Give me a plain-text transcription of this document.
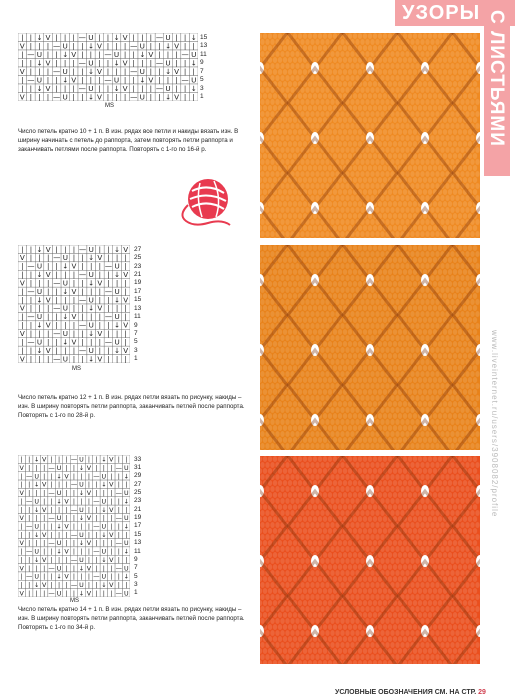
УЗОРЫ С ЛИСТЬЯМИ
| | ↓ V | | | — U | | ↓ V | | | — U | | ↓
V | | | — U | | ↓ V | | | — U | | ↓ V | |
| — U | | ↓ V | | | — U | | ↓ V | | | — U
| | ↓ V | | | — U | | ↓ V | | | — U | | ↓
V | | | — U | | ↓ V | | | — U | | ↓ V | |
| — U | | ↓ V | | | — U | | ↓ V | | | — U
| | ↓ V | | | — U | | ↓ V | | | — U | | ↓
V | | | — U | | ↓ V | | | — U | | ↓ V | |
15
13
11
9
7
5
3
1
MS
Число петель кратно 10 + 1 п. В изн. рядах все петли и накиды вязать изн. В ширину начинать с петель до раппорта, затем повторять петли раппорта и заканчивать петлями после раппорта. Повторять с 1-го по 16-й р.
| | ↓ V | | | — U | | ↓ V
V | | | — U | | ↓ V | | |
| — U | | ↓ V | | | — U |
| | ↓ V | | | — U | | ↓ V
V | | | — U | | ↓ V | | |
| — U | | ↓ V | | | — U |
| | ↓ V | | | — U | | ↓ V
V | | | — U | | ↓ V | | |
| — U | | ↓ V | | | — U |
| | ↓ V | | | — U | | ↓ V
V | | | — U | | ↓ V | | |
| — U | | ↓ V | | | — U |
| | ↓ V | | | — U | | ↓ V
V | | | — U | | ↓ V | | |
27
25
23
21
19
17
15
13
11
9
7
5
3
1
MS
Число петель кратно 12 + 1 п. В изн. рядах петли вязать по рисунку, накиды – изн. В ширину повторять петли раппорта, заканчивать петлей после раппорта. Повторять с 1-го по 28-й р.
| | ↓ V | | | — U | | ↓ V | |
V | | | — U | | ↓ V | | | — U
| — U | | ↓ V | | | — U | | ↓
| | ↓ V | | | — U | | ↓ V | |
V | | | — U | | ↓ V | | | — U
| — U | | ↓ V | | | — U | | ↓
| | ↓ V | | | — U | | ↓ V | |
V | | | — U | | ↓ V | | | — U
| — U | | ↓ V | | | — U | | ↓
| | ↓ V | | | — U | | ↓ V | |
V | | | — U | | ↓ V | | | — U
| — U | | ↓ V | | | — U | | ↓
| | ↓ V | | | — U | | ↓ V | |
V | | | — U | | ↓ V | | | — U
| — U | | ↓ V | | | — U | | ↓
| | ↓ V | | | — U | | ↓ V | |
V | | | — U | | ↓ V | | | — U
33
31
29
27
25
23
21
19
17
15
13
11
9
7
5
3
1
MS
Число петель кратно 14 + 1 п. В изн. рядах петли вязать по рисунку, накиды – изн. В ширину повторять петли раппорта, заканчивать петлей после раппорта. Повторять с 1-го по 34-й р.
www.liveinternet.ru/users/3908082/profile
УСЛОВНЫЕ ОБОЗНАЧЕНИЯ СМ. НА СТР. 29
